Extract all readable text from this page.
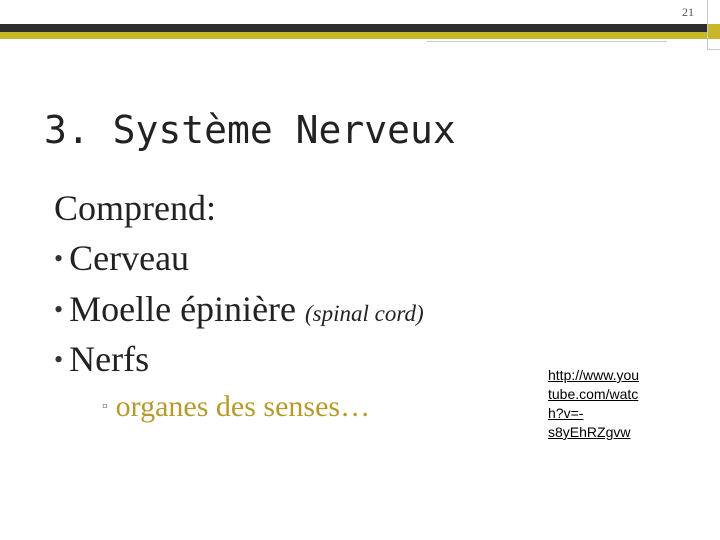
21
3. Système Nerveux
Comprend:
• Cerveau
• Moelle épinière (spinal cord)
• Nerfs
▫ organes des senses…
http://www.you
tube.com/watc
h?v=-
s8yEhRZgvw
